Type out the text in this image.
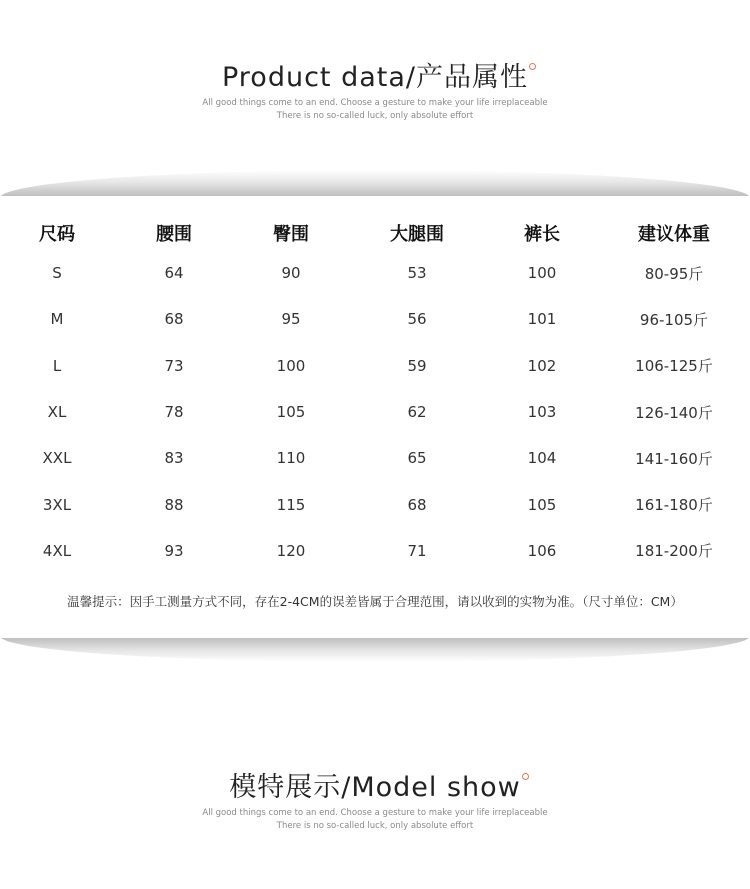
Product data/产品属性
All good things come to an end. Choose a gesture to make your life irreplaceable
There is no so-called luck, only absolute effort
尺码	腰围	臀围	大腿围	裤长	建议体重
S	64	90	53	100	80-95斤
M	68	95	56	101	96-105斤
L	73	100	59	102	106-125斤
XL	78	105	62	103	126-140斤
XXL	83	110	65	104	141-160斤
3XL	88	115	68	105	161-180斤
4XL	93	120	71	106	181-200斤
温馨提示：因手工测量方式不同，存在2-4CM的误差皆属于合理范围，请以收到的实物为准。（尺寸单位：CM）
模特展示/Model show
All good things come to an end. Choose a gesture to make your life irreplaceable
There is no so-called luck, only absolute effort
